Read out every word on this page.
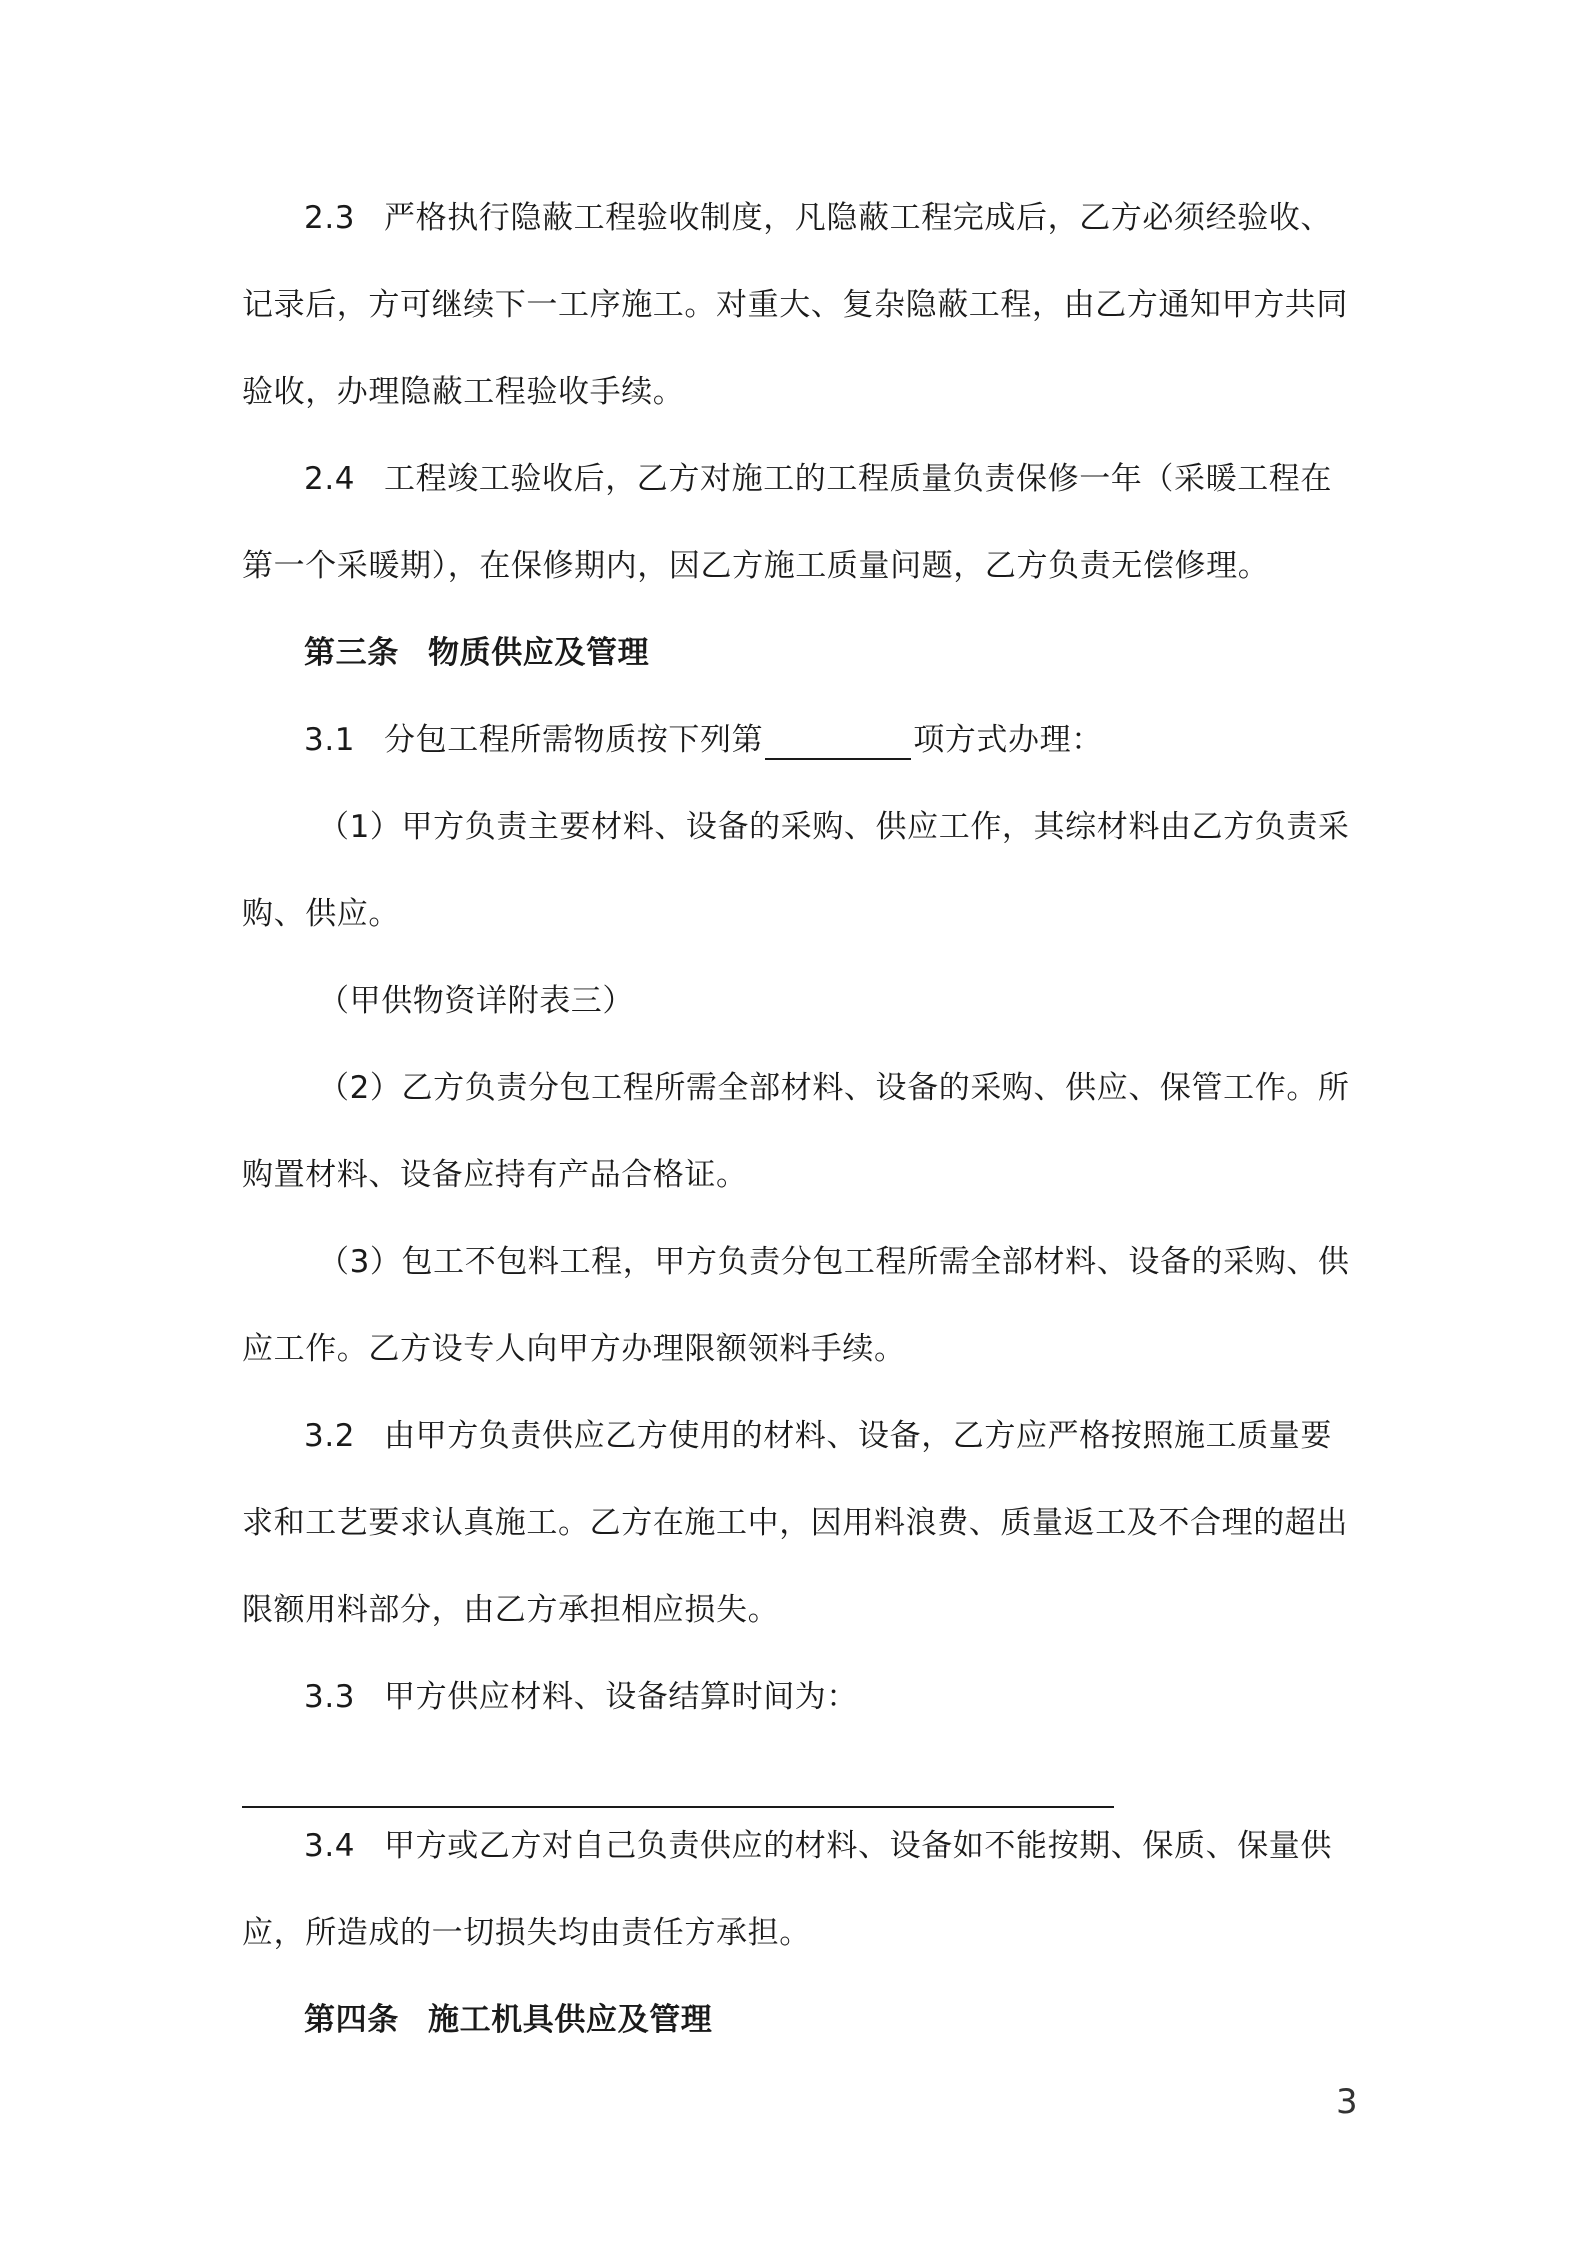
2.3 严格执行隐蔽工程验收制度，凡隐蔽工程完成后，乙方必须经验收、
记录后，方可继续下一工序施工。对重大、复杂隐蔽工程，由乙方通知甲方共同
验收，办理隐蔽工程验收手续。
2.4 工程竣工验收后，乙方对施工的工程质量负责保修一年（采暖工程在
第一个采暖期），在保修期内，因乙方施工质量问题，乙方负责无偿修理。
第三条 物质供应及管理
3.1 分包工程所需物质按下列第	项方式办理：
（1）甲方负责主要材料、设备的采购、供应工作，其综材料由乙方负责采
购、供应。
（甲供物资详附表三）
（2）乙方负责分包工程所需全部材料、设备的采购、供应、保管工作。所
购置材料、设备应持有产品合格证。
（3）包工不包料工程，甲方负责分包工程所需全部材料、设备的采购、供
应工作。乙方设专人向甲方办理限额领料手续。
3.2 由甲方负责供应乙方使用的材料、设备，乙方应严格按照施工质量要
求和工艺要求认真施工。乙方在施工中，因用料浪费、质量返工及不合理的超出
限额用料部分，由乙方承担相应损失。
3.3 甲方供应材料、设备结算时间为：
3.4 甲方或乙方对自己负责供应的材料、设备如不能按期、保质、保量供
应，所造成的一切损失均由责任方承担。
第四条 施工机具供应及管理
3
